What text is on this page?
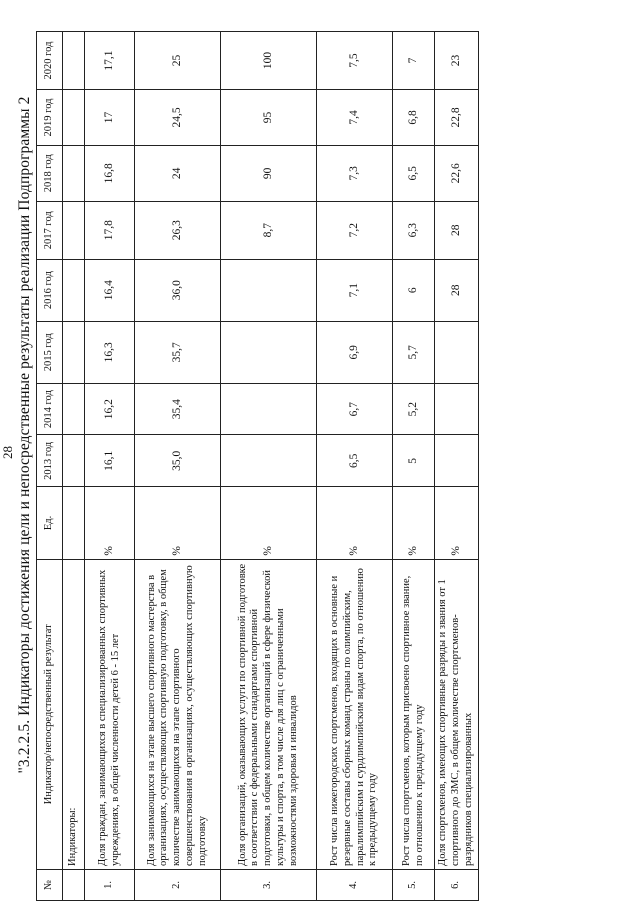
28 "3.2.2.5. Индикаторы достижения цели и непосредственные результаты реализации Подпрограммы 2
№	Индикатор/непосредственный результат	Ед.	2013 год	2014 год	2015 год	2016 год	2017 год	2018 год	2019 год	2020 год
	Индикаторы:									
1.	Доля граждан, занимающихся в специализированных спортивных учреждениях, в общей численности детей 6 - 15 лет	%	16,1	16,2	16,3	16,4	17,8	16,8	17	17,1
2.	Доля занимающихся на этапе высшего спортивного мастерства в организациях, осуществляющих спортивную подготовку, в общем количестве занимающихся на этапе спортивного совершенствования в организациях, осуществляющих спортивную подготовку	%	35,0	35,4	35,7	36,0	26,3	24	24,5	25
3.	Доля организаций, оказывающих услуги по спортивной подготовке в соответствии с федеральными стандартами спортивной подготовки, в общем количестве организаций в сфере физической культуры и спорта, в том числе для лиц с ограниченными возможностями здоровья и инвалидов	%					8,7	90	95	100
4.	Рост числа нижегородских спортсменов, входящих в основные и резервные составы сборных команд страны по олимпийским, паралимпийским и сурдлимпийским видам спорта, по отношению к предыдущему году	%	6,5	6,7	6,9	7,1	7,2	7,3	7,4	7,5
5.	Рост числа спортсменов, которым присвоено спортивное звание, по отношению к предыдущему году	%	5	5,2	5,7	6	6,3	6,5	6,8	7
6.	Доля спортсменов, имеющих спортивные разряды и звания от 1 спортивного до ЗМС, в общем количестве спортсменов-разрядников специализированных	%				28	28	22,6	22,8	23
